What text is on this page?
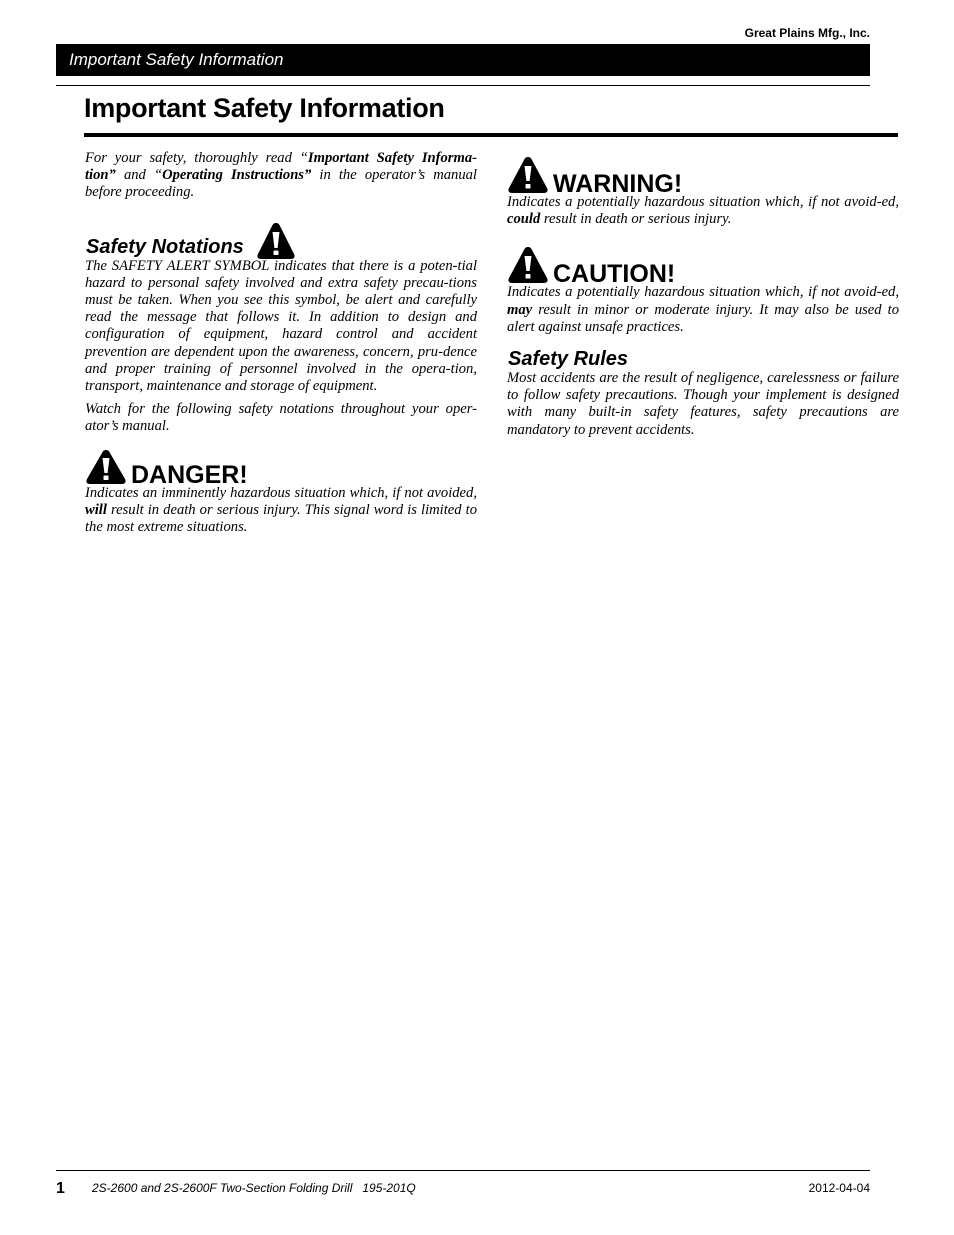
Great Plains Mfg., Inc.
Important Safety Information
Important Safety Information

For your safety, thoroughly read “Important Safety Informa-tion” and “Operating Instructions” in the operator’s manual before proceeding.

Safety Notations

The SAFETY ALERT SYMBOL indicates that there is a poten-tial hazard to personal safety involved and extra safety precau-tions must be taken. When you see this symbol, be alert and carefully read the message that follows it. In addition to design and configuration of equipment, hazard control and accident prevention are dependent upon the awareness, concern, pru-dence and proper training of personnel involved in the opera-tion, transport, maintenance and storage of equipment.

Watch for the following safety notations throughout your oper-ator’s manual.

DANGER!

Indicates an imminently hazardous situation which, if not avoided, will result in death or serious injury. This signal word is limited to the most extreme situations.

WARNING!

Indicates a potentially hazardous situation which, if not avoid-ed, could result in death or serious injury.

CAUTION!

Indicates a potentially hazardous situation which, if not avoid-ed, may result in minor or moderate injury. It may also be used to alert against unsafe practices.

Safety Rules

Most accidents are the result of negligence, carelessness or failure to follow safety precautions. Though your implement is designed with many built-in safety features, safety precautions are mandatory to prevent accidents.

1 2S-2600 and 2S-2600F Two-Section Folding Drill   195-201Q	2012-04-04
